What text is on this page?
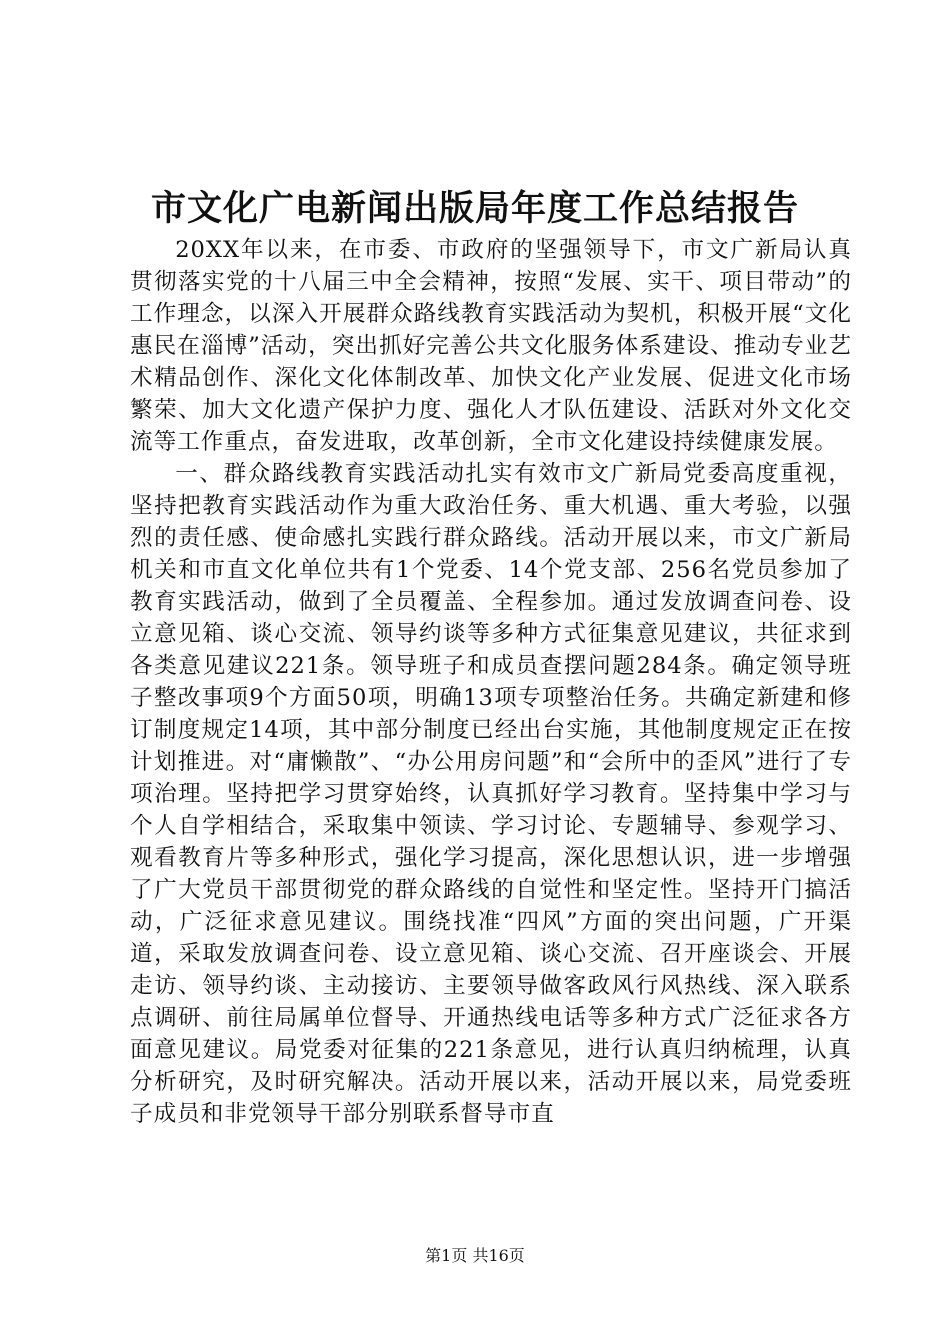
市文化广电新闻出版局年度工作总结报告

20XX年以来，在市委、市政府的坚强领导下，市文广新局认真贯彻落实党的十八届三中全会精神，按照“发展、实干、项目带动”的工作理念，以深入开展群众路线教育实践活动为契机，积极开展“文化惠民在淄博”活动，突出抓好完善公共文化服务体系建设、推动专业艺术精品创作、深化文化体制改革、加快文化产业发展、促进文化市场繁荣、加大文化遗产保护力度、强化人才队伍建设、活跃对外文化交流等工作重点，奋发进取，改革创新，全市文化建设持续健康发展。

一、群众路线教育实践活动扎实有效市文广新局党委高度重视，坚持把教育实践活动作为重大政治任务、重大机遇、重大考验，以强烈的责任感、使命感扎实践行群众路线。活动开展以来，市文广新局机关和市直文化单位共有1个党委、14个党支部、256名党员参加了教育实践活动，做到了全员覆盖、全程参加。通过发放调查问卷、设立意见箱、谈心交流、领导约谈等多种方式征集意见建议，共征求到各类意见建议221条。领导班子和成员查摆问题284条。确定领导班子整改事项9个方面50项，明确13项专项整治任务。共确定新建和修订制度规定14项，其中部分制度已经出台实施，其他制度规定正在按计划推进。对“庸懒散”、“办公用房问题”和“会所中的歪风”进行了专项治理。坚持把学习贯穿始终，认真抓好学习教育。坚持集中学习与个人自学相结合，采取集中领读、学习讨论、专题辅导、参观学习、观看教育片等多种形式，强化学习提高，深化思想认识，进一步增强了广大党员干部贯彻党的群众路线的自觉性和坚定性。坚持开门搞活动，广泛征求意见建议。围绕找准“四风”方面的突出问题，广开渠道，采取发放调查问卷、设立意见箱、谈心交流、召开座谈会、开展走访、领导约谈、主动接访、主要领导做客政风行风热线、深入联系点调研、前往局属单位督导、开通热线电话等多种方式广泛征求各方面意见建议。局党委对征集的221条意见，进行认真归纳梳理，认真分析研究，及时研究解决。活动开展以来，活动开展以来，局党委班子成员和非党领导干部分别联系督导市直

第1页 共16页
